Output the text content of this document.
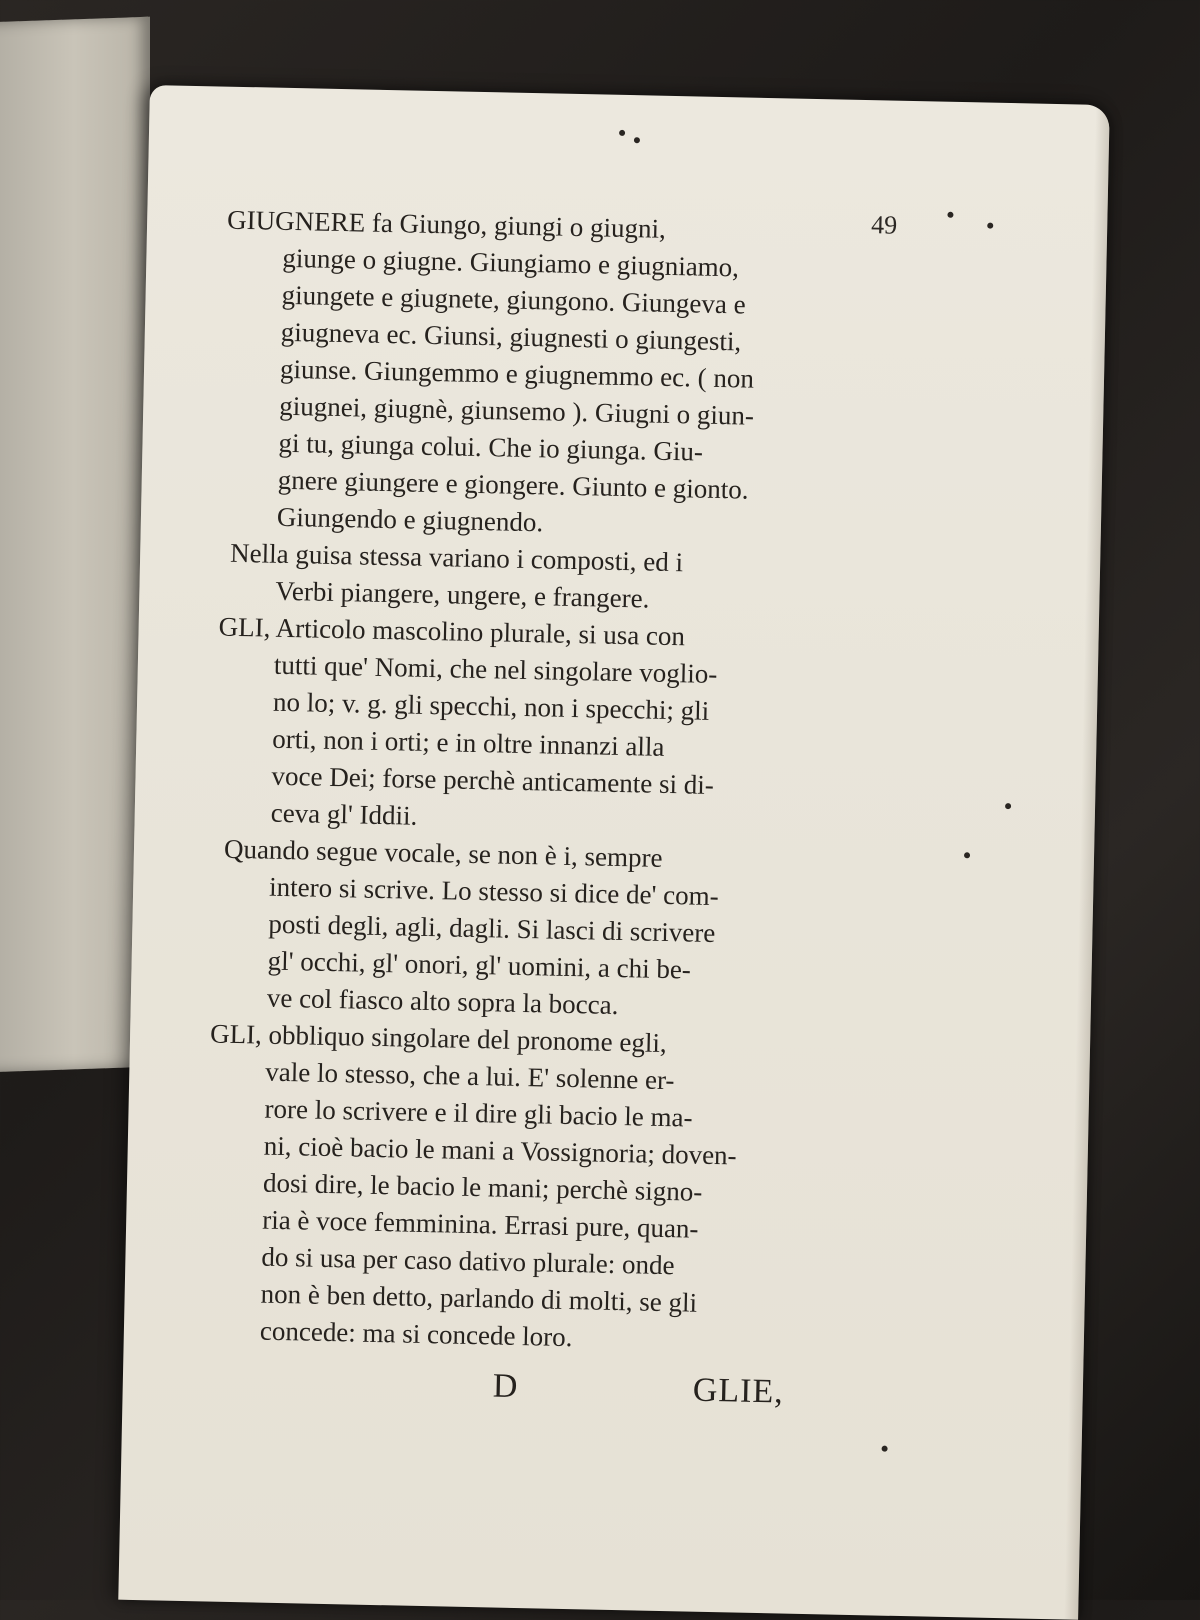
49
GIUGNERE fa Giungo, giungi o giugni,
giunge o giugne. Giungiamo e giugniamo,
giungete e giugnete, giungono. Giungeva e
giugneva ec. Giunsi, giugnesti o giungesti,
giunse. Giungemmo e giugnemmo ec. ( non
giugnei, giugnè, giunsemo ). Giugni o giun-
gi tu, giunga colui. Che io giunga. Giu-
gnere giungere e giongere. Giunto e gionto.
Giungendo e giugnendo.
Nella guisa stessa variano i composti, ed i
Verbi piangere, ungere, e frangere.
GLI, Articolo mascolino plurale, si usa con
tutti que' Nomi, che nel singolare voglio-
no lo; v. g. gli specchi, non i specchi; gli
orti, non i orti; e in oltre innanzi alla
voce Dei; forse perchè anticamente si di-
ceva gl' Iddii.
Quando segue vocale, se non è i, sempre
intero si scrive. Lo stesso si dice de' com-
posti degli, agli, dagli. Si lasci di scrivere
gl' occhi, gl' onori, gl' uomini, a chi be-
ve col fiasco alto sopra la bocca.
GLI, obbliquo singolare del pronome egli,
vale lo stesso, che a lui. E' solenne er-
rore lo scrivere e il dire gli bacio le ma-
ni, cioè bacio le mani a Vossignoria; doven-
dosi dire, le bacio le mani; perchè signo-
ria è voce femminina. Errasi pure, quan-
do si usa per caso dativo plurale: onde
non è ben detto, parlando di molti, se gli
concede: ma si concede loro.
D	GLIE,
